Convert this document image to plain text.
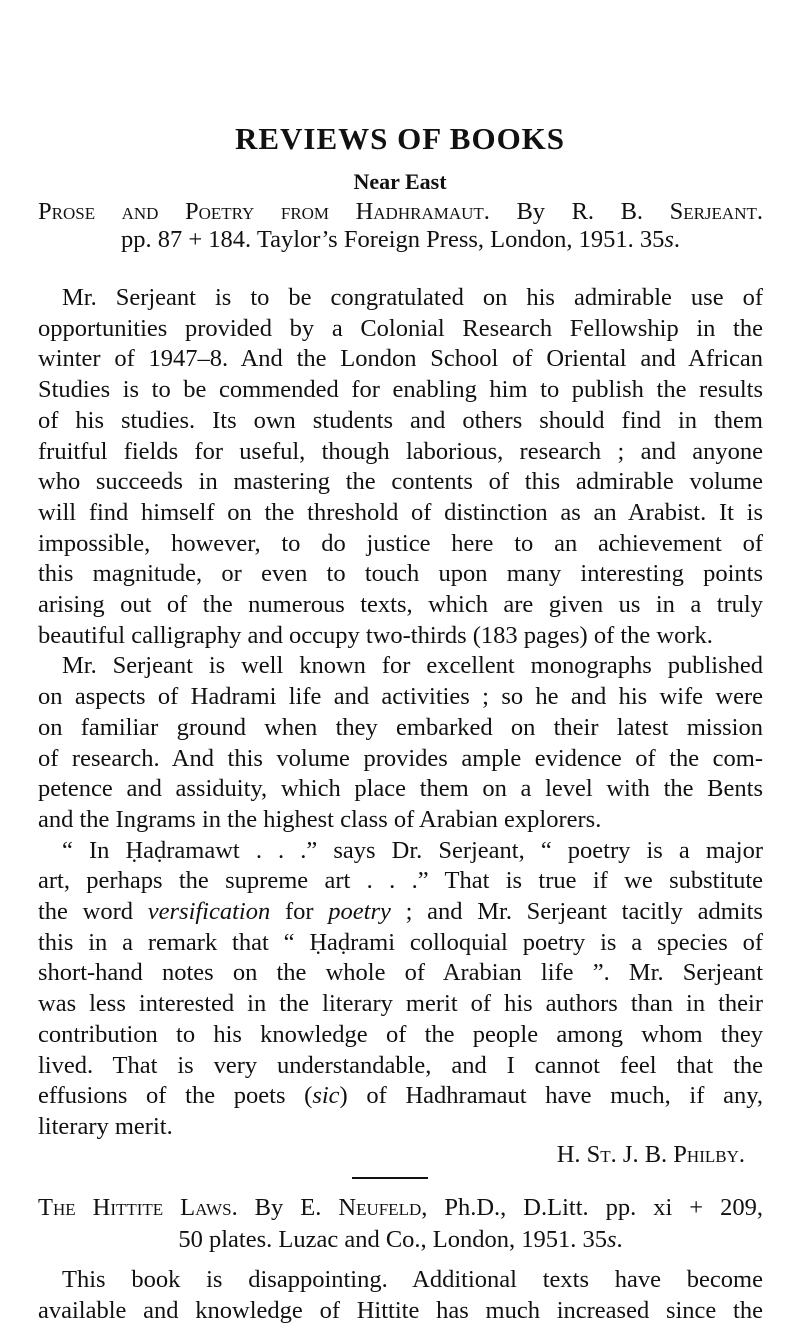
REVIEWS OF BOOKS
Near East
Prose and Poetry from Hadhramaut. By R. B. Serjeant.
pp. 87 + 184. Taylor’s Foreign Press, London, 1951. 35s.
Mr. Serjeant is to be congratulated on his admirable use of
opportunities provided by a Colonial Research Fellowship in the
winter of 1947–8. And the London School of Oriental and African
Studies is to be commended for enabling him to publish the results
of his studies. Its own students and others should find in them
fruitful fields for useful, though laborious, research ; and anyone
who succeeds in mastering the contents of this admirable volume
will find himself on the threshold of distinction as an Arabist. It is
impossible, however, to do justice here to an achievement of
this magnitude, or even to touch upon many interesting points
arising out of the numerous texts, which are given us in a truly
beautiful calligraphy and occupy two-thirds (183 pages) of the work.
Mr. Serjeant is well known for excellent monographs published
on aspects of Hadrami life and activities ; so he and his wife were
on familiar ground when they embarked on their latest mission
of research. And this volume provides ample evidence of the com-
petence and assiduity, which place them on a level with the Bents
and the Ingrams in the highest class of Arabian explorers.
“ In Ḥaḍramawt . . .” says Dr. Serjeant, “ poetry is a major
art, perhaps the supreme art . . .” That is true if we substitute
the word versification for poetry ; and Mr. Serjeant tacitly admits
this in a remark that “ Ḥaḍrami colloquial poetry is a species of
short-hand notes on the whole of Arabian life ”. Mr. Serjeant
was less interested in the literary merit of his authors than in their
contribution to his knowledge of the people among whom they
lived. That is very understandable, and I cannot feel that the
effusions of the poets (sic) of Hadhramaut have much, if any,
literary merit.
The Hittite Laws. By E. Neufeld, Ph.D., D.Litt. pp. xi + 209,
50 plates. Luzac and Co., London, 1951. 35s.
This book is disappointing. Additional texts have become
available and knowledge of Hittite has much increased since the
H. St. J. B. Philby.
